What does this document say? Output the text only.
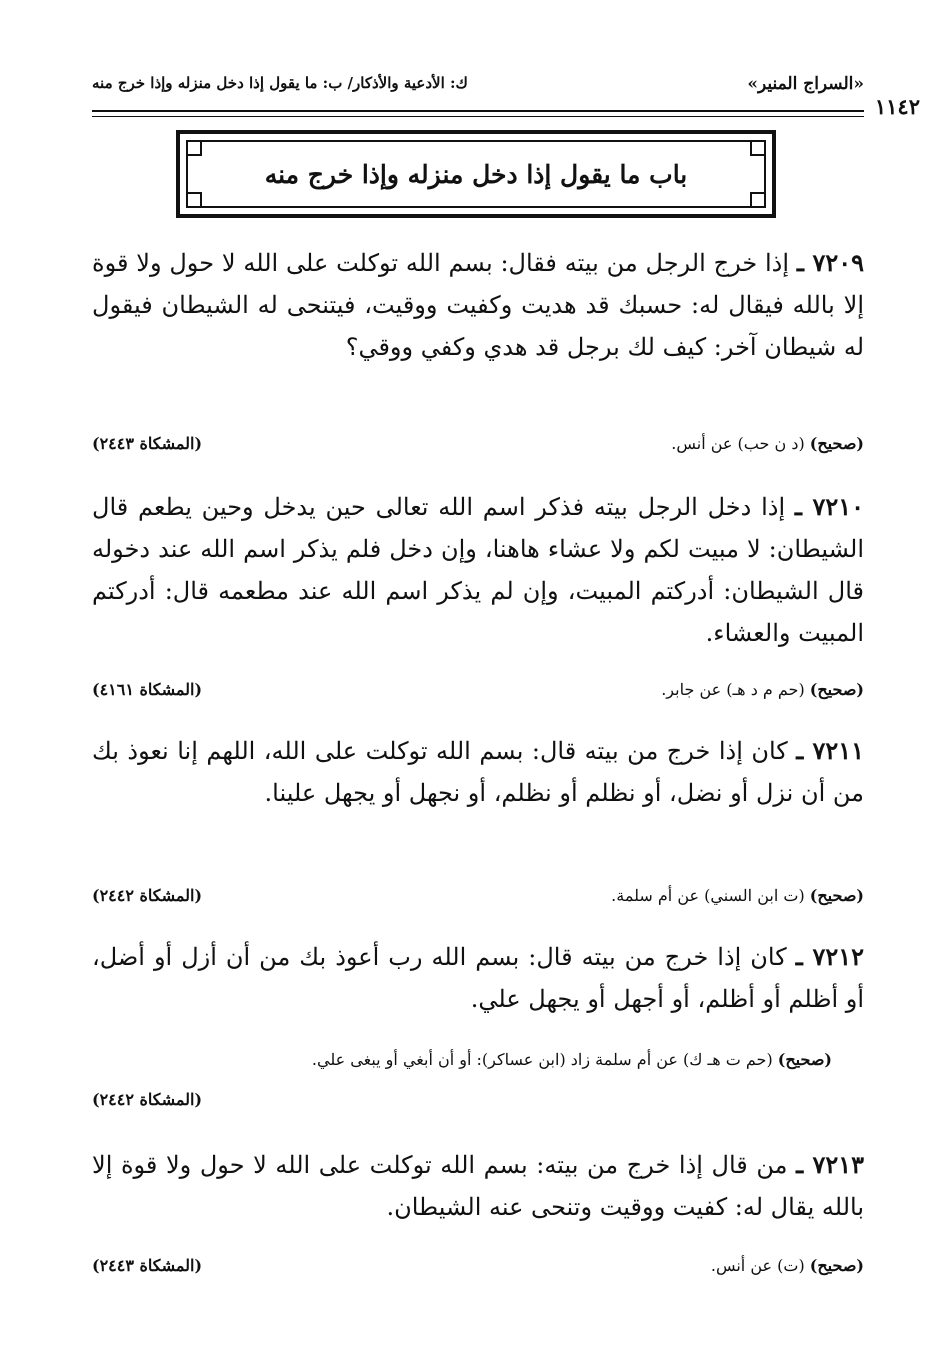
«السراج المنير»
ك: الأدعية والأذكار/ ب: ما يقول إذا دخل منزله وإذا خرج منه
١١٤٢
باب ما يقول إذا دخل منزله وإذا خرج منه
٧٢٠٩ ـ إذا خرج الرجل من بيته فقال: بسم الله توكلت على الله لا حول ولا قوة إلا بالله فيقال له: حسبك قد هديت وكفيت ووقيت، فيتنحى له الشيطان فيقول له شيطان آخر: كيف لك برجل قد هدي وكفي ووقي؟
(صحيح) (د ن حب) عن أنس.
(المشكاة ٢٤٤٣)
٧٢١٠ ـ إذا دخل الرجل بيته فذكر اسم الله تعالى حين يدخل وحين يطعم قال الشيطان: لا مبيت لكم ولا عشاء هاهنا، وإن دخل فلم يذكر اسم الله عند دخوله قال الشيطان: أدركتم المبيت، وإن لم يذكر اسم الله عند مطعمه قال: أدركتم المبيت والعشاء.
(صحيح) (حم م د هـ) عن جابر.
(المشكاة ٤١٦١)
٧٢١١ ـ كان إذا خرج من بيته قال: بسم الله توكلت على الله، اللهم إنا نعوذ بك من أن نزل أو نضل، أو نظلم أو نظلم، أو نجهل أو يجهل علينا.
(صحيح) (ت ابن السني) عن أم سلمة.
(المشكاة ٢٤٤٢)
٧٢١٢ ـ كان إذا خرج من بيته قال: بسم الله رب أعوذ بك من أن أزل أو أضل، أو أظلم أو أظلم، أو أجهل أو يجهل علي.
(صحيح) (حم ت هـ ك) عن أم سلمة زاد (ابن عساكر): أو أن أبغي أو يبغى علي.
(المشكاة ٢٤٤٢)
٧٢١٣ ـ من قال إذا خرج من بيته: بسم الله توكلت على الله لا حول ولا قوة إلا بالله يقال له: كفيت ووقيت وتنحى عنه الشيطان.
(صحيح) (ت) عن أنس.
(المشكاة ٢٤٤٣)
